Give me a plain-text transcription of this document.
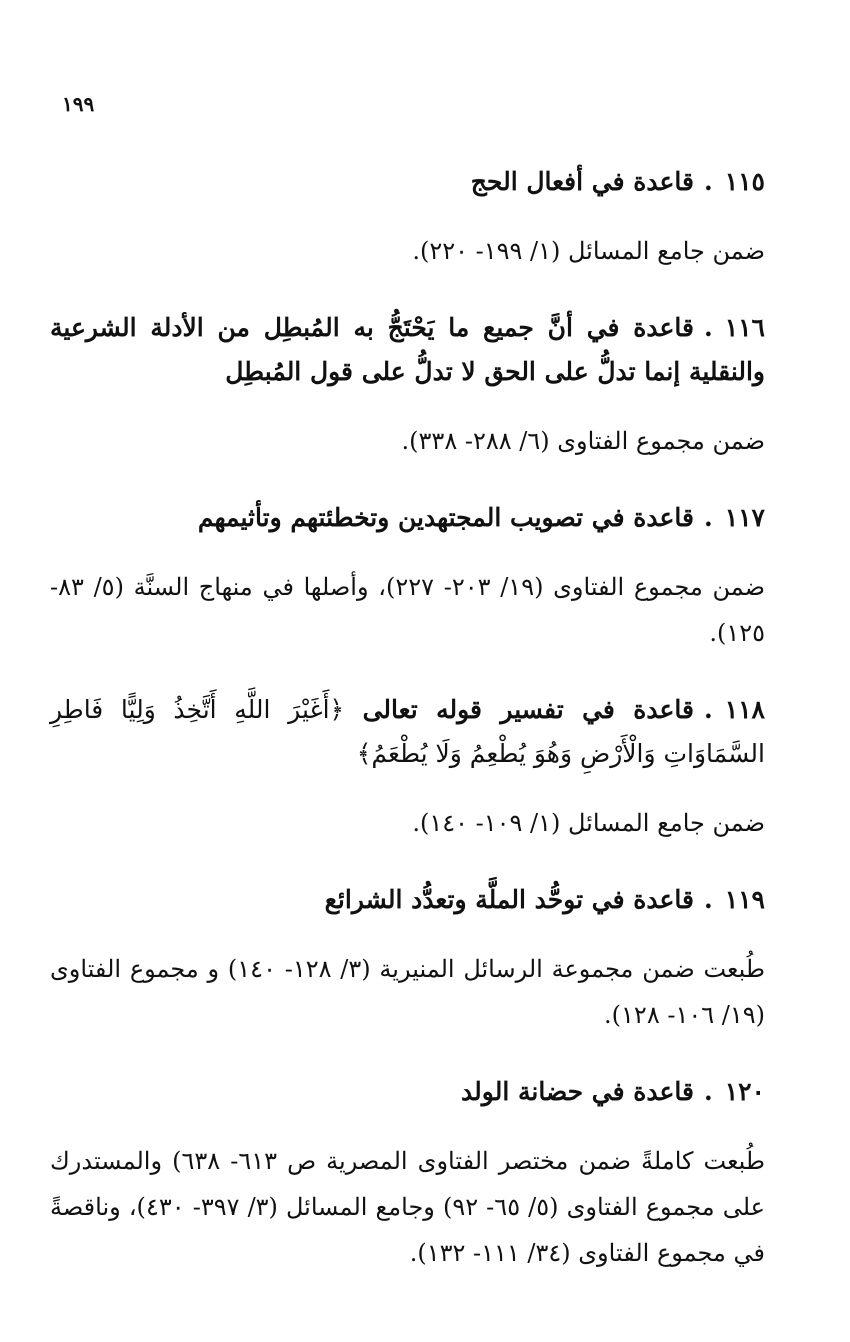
١٩٩

١١٥.قاعدة في أفعال الحج

ضمن جامع المسائل (١/ ١٩٩- ٢٢٠).

١١٦.قاعدة في أنَّ جميع ما يَحْتَجُّ به المُبطِل من الأدلة الشرعية والنقلية إنما تدلُّ على الحق لا تدلُّ على قول المُبطِل

ضمن مجموع الفتاوى (٦/ ٢٨٨- ٣٣٨).

١١٧.قاعدة في تصويب المجتهدين وتخطئتهم وتأثيمهم

ضمن مجموع الفتاوى (١٩/ ٢٠٣- ٢٢٧)، وأصلها في منهاج السنَّة (٥/ ٨٣- ١٢٥).

١١٨.قاعدة في تفسير قوله تعالى ﴿أَغَيْرَ اللَّهِ أَتَّخِذُ وَلِيًّا فَاطِرِ السَّمَاوَاتِ وَالْأَرْضِ وَهُوَ يُطْعِمُ وَلَا يُطْعَمُ﴾

ضمن جامع المسائل (١/ ١٠٩- ١٤٠).

١١٩.قاعدة في توحُّد الملَّة وتعدُّد الشرائع

طُبعت ضمن مجموعة الرسائل المنيرية (٣/ ١٢٨- ١٤٠) و مجموع الفتاوى (١٩/ ١٠٦- ١٢٨).

١٢٠.قاعدة في حضانة الولد

طُبعت كاملةً ضمن مختصر الفتاوى المصرية ص ٦١٣- ٦٣٨) والمستدرك على مجموع الفتاوى (٥/ ٦٥- ٩٢) وجامع المسائل (٣/ ٣٩٧- ٤٣٠)، وناقصةً في مجموع الفتاوى (٣٤/ ١١١- ١٣٢).
